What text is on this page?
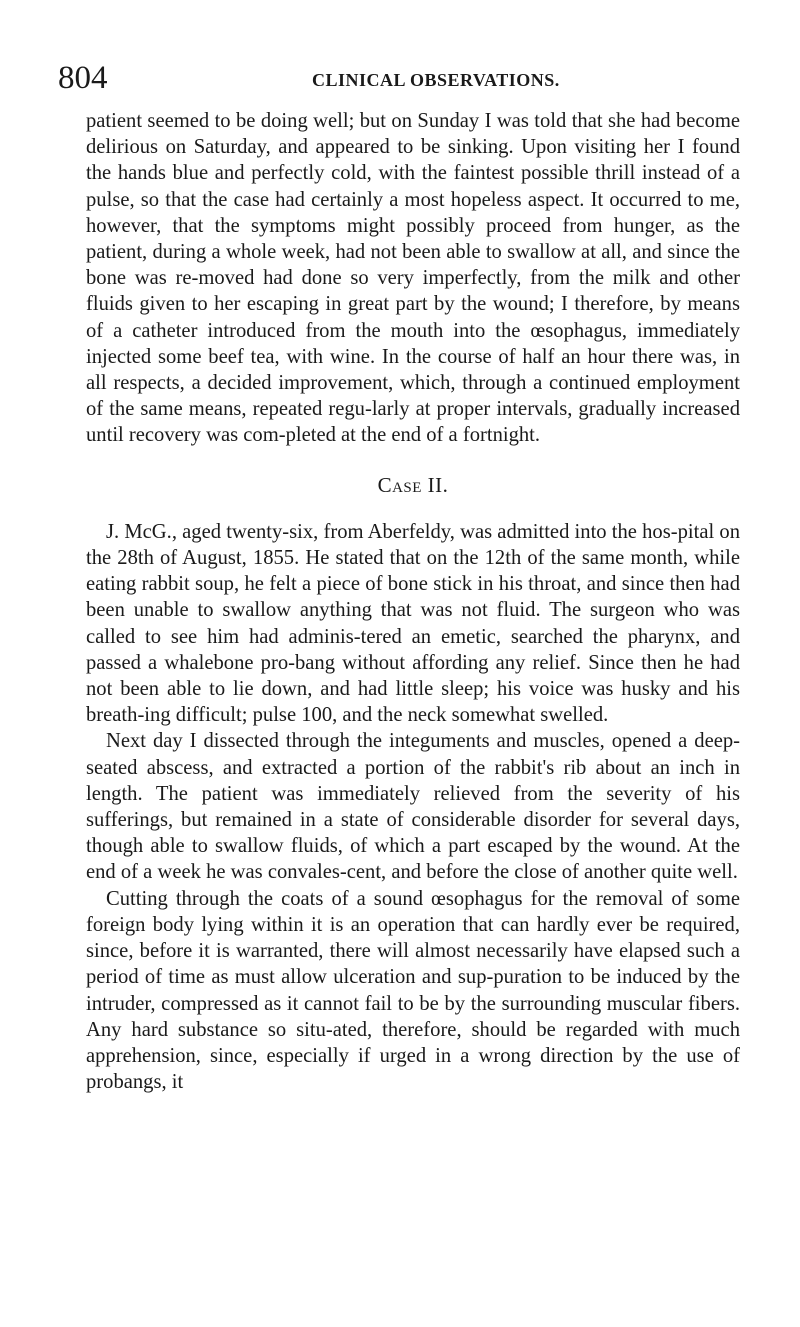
804	CLINICAL OBSERVATIONS.

patient seemed to be doing well; but on Sunday I was told that she had become delirious on Saturday, and appeared to be sinking. Upon visiting her I found the hands blue and perfectly cold, with the faintest possible thrill instead of a pulse, so that the case had certainly a most hopeless aspect. It occurred to me, however, that the symptoms might possibly proceed from hunger, as the patient, during a whole week, had not been able to swallow at all, and since the bone was re-moved had done so very imperfectly, from the milk and other fluids given to her escaping in great part by the wound; I therefore, by means of a catheter introduced from the mouth into the œsophagus, immediately injected some beef tea, with wine. In the course of half an hour there was, in all respects, a decided improvement, which, through a continued employment of the same means, repeated regu-larly at proper intervals, gradually increased until recovery was com-pleted at the end of a fortnight.

Case II.

J. McG., aged twenty-six, from Aberfeldy, was admitted into the hos-pital on the 28th of August, 1855. He stated that on the 12th of the same month, while eating rabbit soup, he felt a piece of bone stick in his throat, and since then had been unable to swallow anything that was not fluid. The surgeon who was called to see him had adminis-tered an emetic, searched the pharynx, and passed a whalebone pro-bang without affording any relief. Since then he had not been able to lie down, and had little sleep; his voice was husky and his breath-ing difficult; pulse 100, and the neck somewhat swelled.

Next day I dissected through the integuments and muscles, opened a deep-seated abscess, and extracted a portion of the rabbit's rib about an inch in length. The patient was immediately relieved from the severity of his sufferings, but remained in a state of considerable disorder for several days, though able to swallow fluids, of which a part escaped by the wound. At the end of a week he was convales-cent, and before the close of another quite well.

Cutting through the coats of a sound œsophagus for the removal of some foreign body lying within it is an operation that can hardly ever be required, since, before it is warranted, there will almost necessarily have elapsed such a period of time as must allow ulceration and sup-puration to be induced by the intruder, compressed as it cannot fail to be by the surrounding muscular fibers. Any hard substance so situ-ated, therefore, should be regarded with much apprehension, since, especially if urged in a wrong direction by the use of probangs, it
